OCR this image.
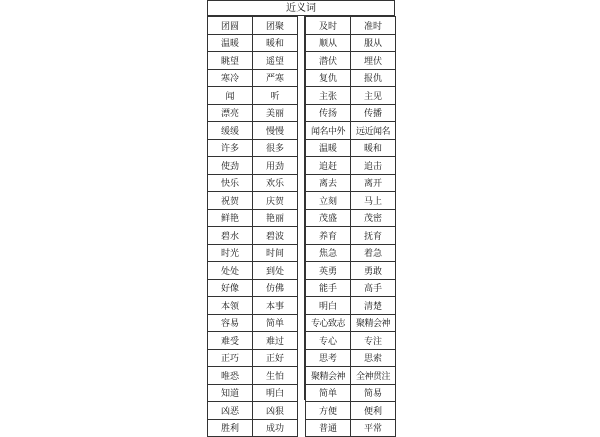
近义词
团圆	团聚
温暖	暖和
眺望	遥望
寒冷	严寒
闻	听
漂亮	美丽
缓缓	慢慢
许多	很多
使劲	用劲
快乐	欢乐
祝贺	庆贺
鲜艳	艳丽
碧水	碧波
时光	时间
处处	到处
好像	仿佛
本领	本事
容易	简单
难受	难过
正巧	正好
唯恐	生怕
知道	明白
凶恶	凶狠
胜利	成功
及时	准时
顺从	服从
潜伏	埋伏
复仇	报仇
主张	主见
传扬	传播
闻名中外	远近闻名
温暖	暖和
追赶	追击
离去	离开
立刻	马上
茂盛	茂密
养育	抚育
焦急	着急
英勇	勇敢
能手	高手
明白	清楚
专心致志	聚精会神
专心	专注
思考	思索
聚精会神	全神贯注
简单	简易
方便	便利
普通	平常
